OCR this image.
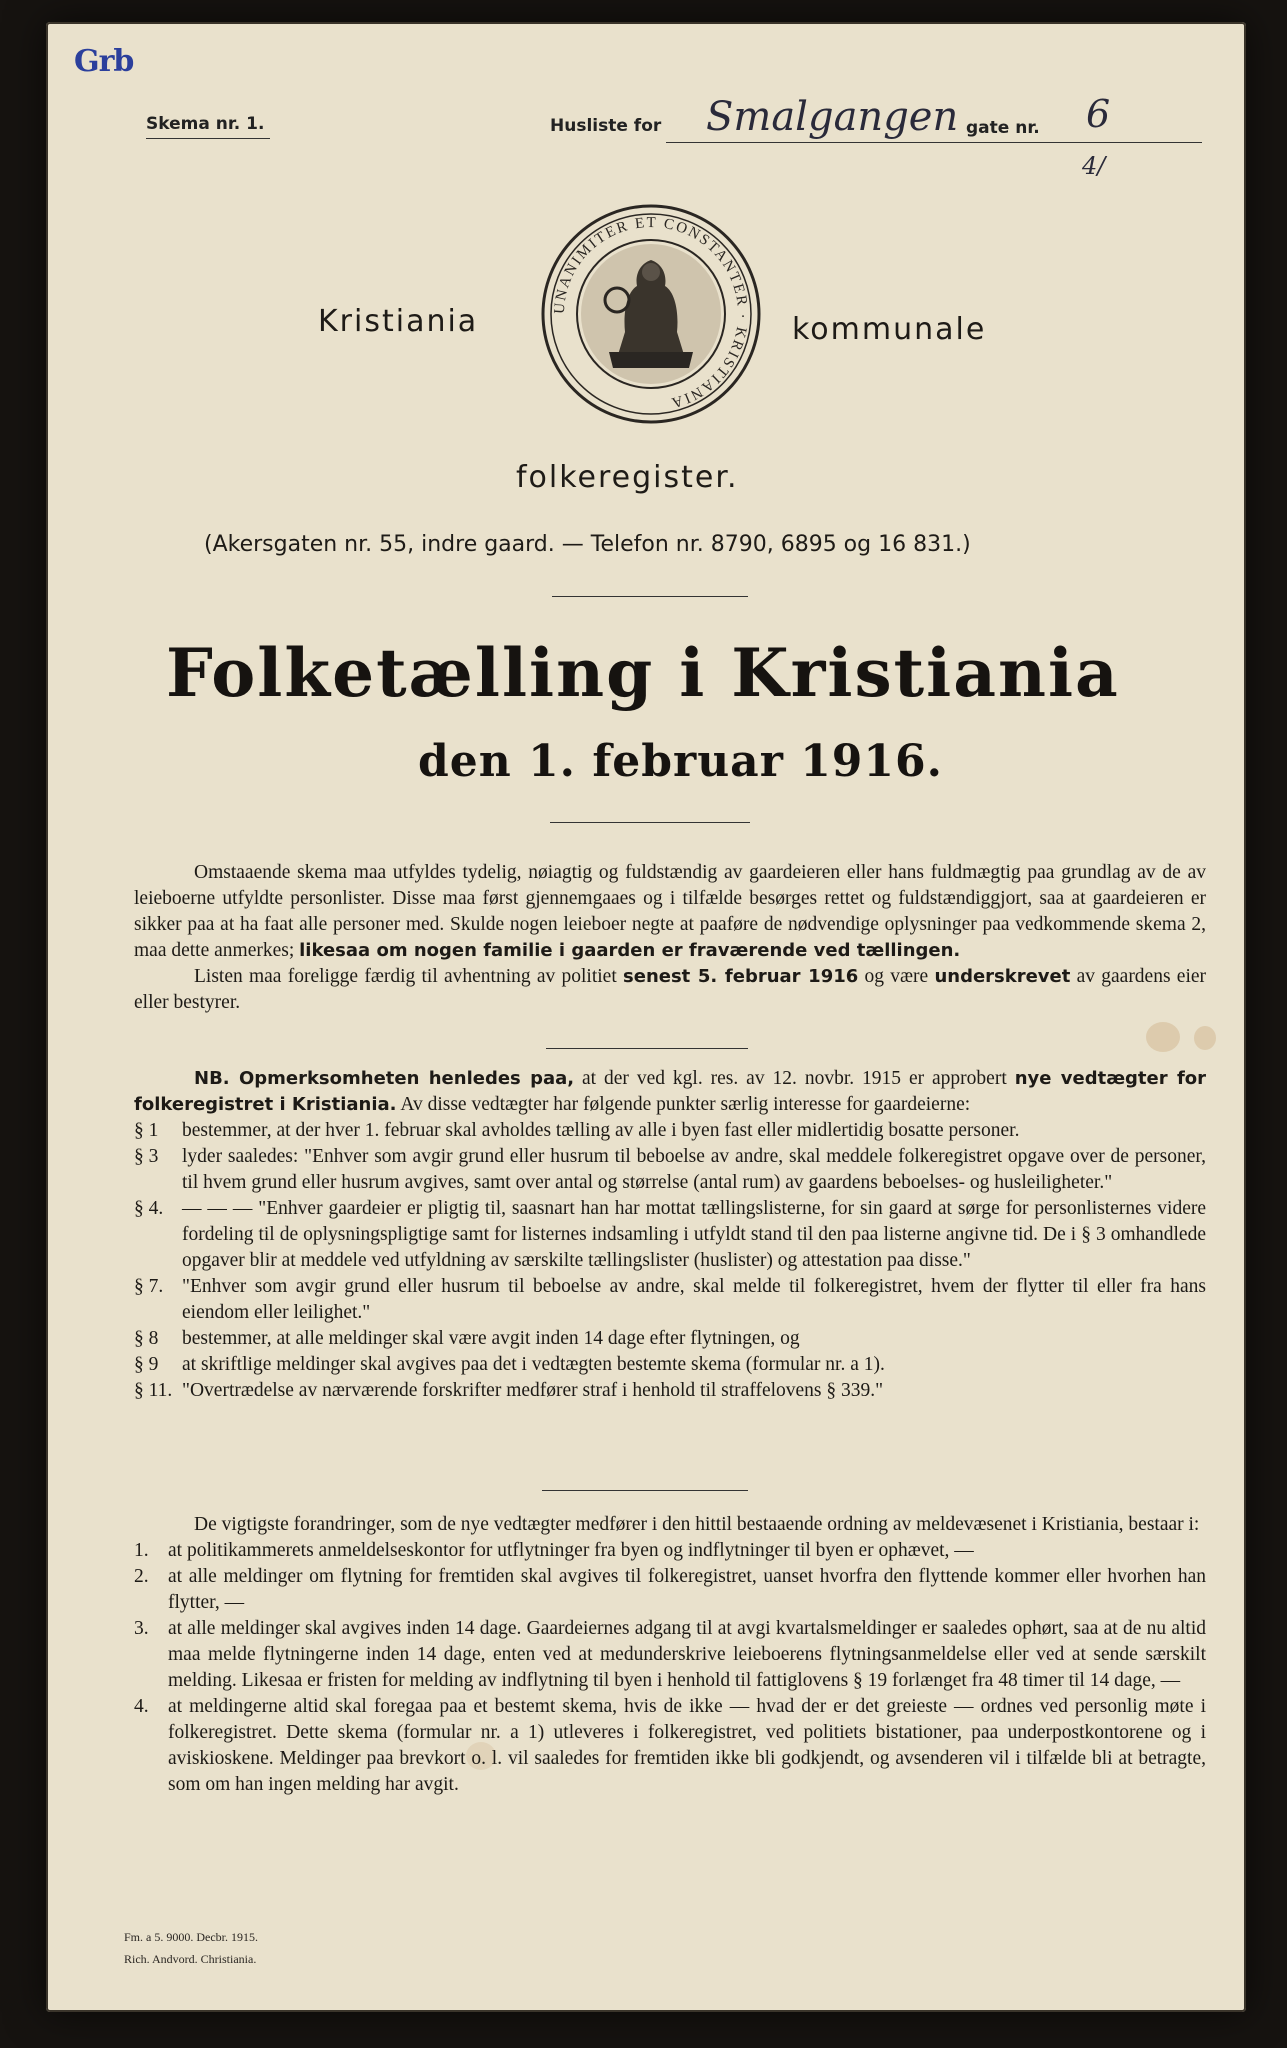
Grb
Skema nr. 1.	Husliste for Smalgangen gate nr. 6
4/
UNANIMITER ET CONSTANTER · KRISTIANIA
Kristiania	kommunale
folkeregister.
(Akersgaten nr. 55, indre gaard. — Telefon nr. 8790, 6895 og 16 831.)
Folketælling i Kristiania
den 1. februar 1916.

Omstaaende skema maa utfyldes tydelig, nøiagtig og fuldstændig av gaardeieren eller hans fuldmægtig paa grundlag av de av leieboerne utfyldte personlister. Disse maa først gjennemgaaes og i tilfælde besørges rettet og fuldstændiggjort, saa at gaardeieren er sikker paa at ha faat alle personer med. Skulde nogen leieboer negte at paaføre de nødvendige oplysninger paa vedkommende skema 2, maa dette anmerkes; likesaa om nogen familie i gaarden er fraværende ved tællingen.

Listen maa foreligge færdig til avhentning av politiet senest 5. februar 1916 og være underskrevet av gaardens eier eller bestyrer.

NB. Opmerksomheten henledes paa, at der ved kgl. res. av 12. novbr. 1915 er approbert nye vedtægter for folkeregistret i Kristiania. Av disse vedtægter har følgende punkter særlig interesse for gaardeierne:

§ 1	bestemmer, at der hver 1. februar skal avholdes tælling av alle i byen fast eller midlertidig bosatte personer.
§ 3	lyder saaledes: "Enhver som avgir grund eller husrum til beboelse av andre, skal meddele folkeregistret opgave over de personer, til hvem grund eller husrum avgives, samt over antal og størrelse (antal rum) av gaardens beboelses- og husleiligheter."
§ 4. — — — "Enhver gaardeier er pligtig til, saasnart han har mottat tællingslisterne, for sin gaard at sørge for personlisternes videre fordeling til de oplysningspligtige samt for listernes indsamling i utfyldt stand til den paa listerne angivne tid. De i § 3 omhandlede opgaver blir at meddele ved utfyldning av særskilte tællingslister (huslister) og attestation paa disse."
§ 7. "Enhver som avgir grund eller husrum til beboelse av andre, skal melde til folkeregistret, hvem der flytter til eller fra hans eiendom eller leilighet."
§ 8	bestemmer, at alle meldinger skal være avgit inden 14 dage efter flytningen, og
§ 9	at skriftlige meldinger skal avgives paa det i vedtægten bestemte skema (formular nr. a 1).
§ 11. "Overtrædelse av nærværende forskrifter medfører straf i henhold til straffelovens § 339."

De vigtigste forandringer, som de nye vedtægter medfører i den hittil bestaaende ordning av meldevæsenet i Kristiania, bestaar i:

1. at politikammerets anmeldelseskontor for utflytninger fra byen og indflytninger til byen er ophævet, —
2. at alle meldinger om flytning for fremtiden skal avgives til folkeregistret, uanset hvorfra den flyttende kommer eller hvorhen han flytter, —
3. at alle meldinger skal avgives inden 14 dage. Gaardeiernes adgang til at avgi kvartalsmeldinger er saaledes ophørt, saa at de nu altid maa melde flytningerne inden 14 dage, enten ved at medunderskrive leieboerens flytningsanmeldelse eller ved at sende særskilt melding. Likesaa er fristen for melding av indflytning til byen i henhold til fattiglovens § 19 forlænget fra 48 timer til 14 dage, —
4. at meldingerne altid skal foregaa paa et bestemt skema, hvis de ikke — hvad der er det greieste — ordnes ved personlig møte i folkeregistret. Dette skema (formular nr. a 1) utleveres i folkeregistret, ved politiets bistationer, paa underpostkontorene og i aviskioskene. Meldinger paa brevkort o. l. vil saaledes for fremtiden ikke bli godkjendt, og avsenderen vil i tilfælde bli at betragte, som om han ingen melding har avgit.
Fm. a 5. 9000. Decbr. 1915.
Rich. Andvord. Christiania.
